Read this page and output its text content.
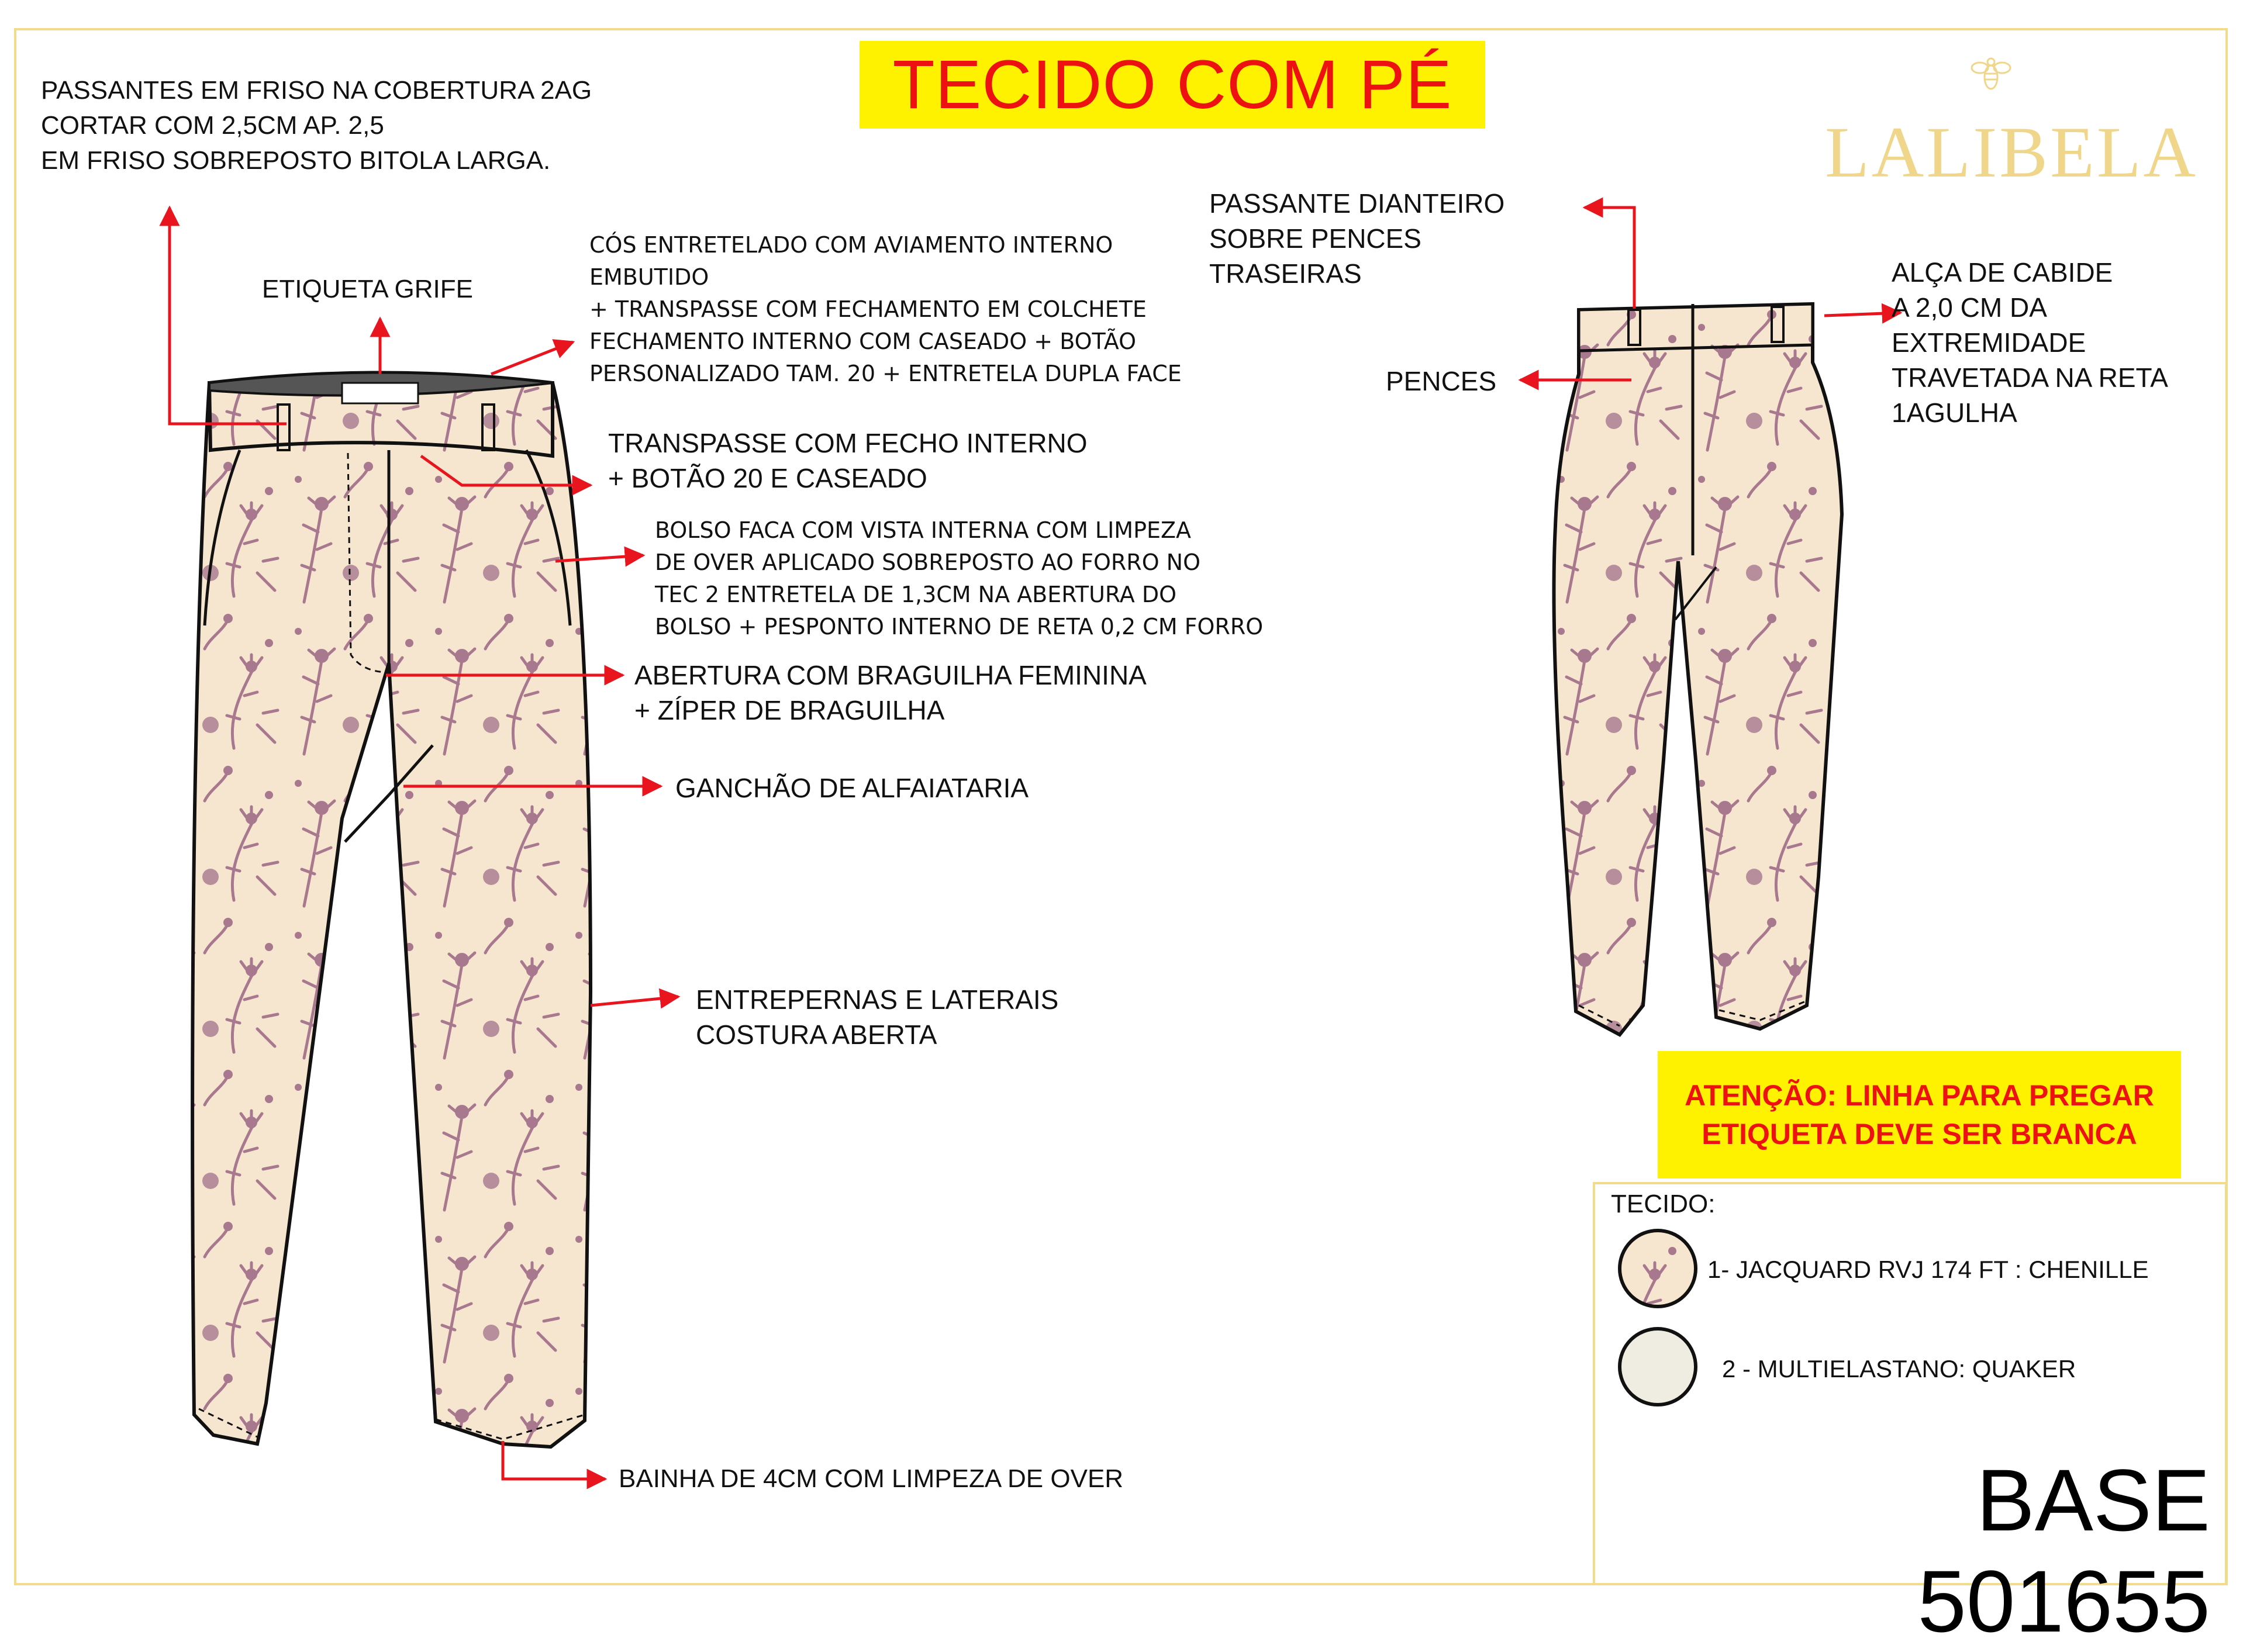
TECIDO COM PÉ
LALIBELA
PASSANTES EM FRISO NA COBERTURA 2AG
CORTAR COM 2,5CM AP. 2,5
EM FRISO SOBREPOSTO BITOLA LARGA.
ETIQUETA GRIFE
CÓS ENTRETELADO COM AVIAMENTO INTERNO
EMBUTIDO
+ TRANSPASSE COM FECHAMENTO EM COLCHETE
FECHAMENTO INTERNO COM CASEADO + BOTÃO
PERSONALIZADO TAM. 20 + ENTRETELA DUPLA FACE
TRANSPASSE COM FECHO INTERNO
+ BOTÃO 20 E CASEADO
BOLSO FACA COM VISTA INTERNA COM LIMPEZA
DE OVER APLICADO SOBREPOSTO AO FORRO NO
TEC 2 ENTRETELA DE 1,3CM NA ABERTURA DO
BOLSO + PESPONTO INTERNO DE RETA 0,2 CM FORRO
ABERTURA COM BRAGUILHA FEMININA
+ ZÍPER DE BRAGUILHA
GANCHÃO DE ALFAIATARIA
ENTREPERNAS E LATERAIS
COSTURA ABERTA
BAINHA DE 4CM COM LIMPEZA DE OVER
PASSANTE DIANTEIRO
SOBRE PENCES
TRASEIRAS
PENCES
ALÇA DE CABIDE
A 2,0 CM DA
EXTREMIDADE
TRAVETADA NA RETA
1AGULHA
ATENÇÃO: LINHA PARA PREGAR
ETIQUETA DEVE SER BRANCA
TECIDO:
1- JACQUARD RVJ 174 FT : CHENILLE
2 - MULTIELASTANO: QUAKER
BASE 501655
